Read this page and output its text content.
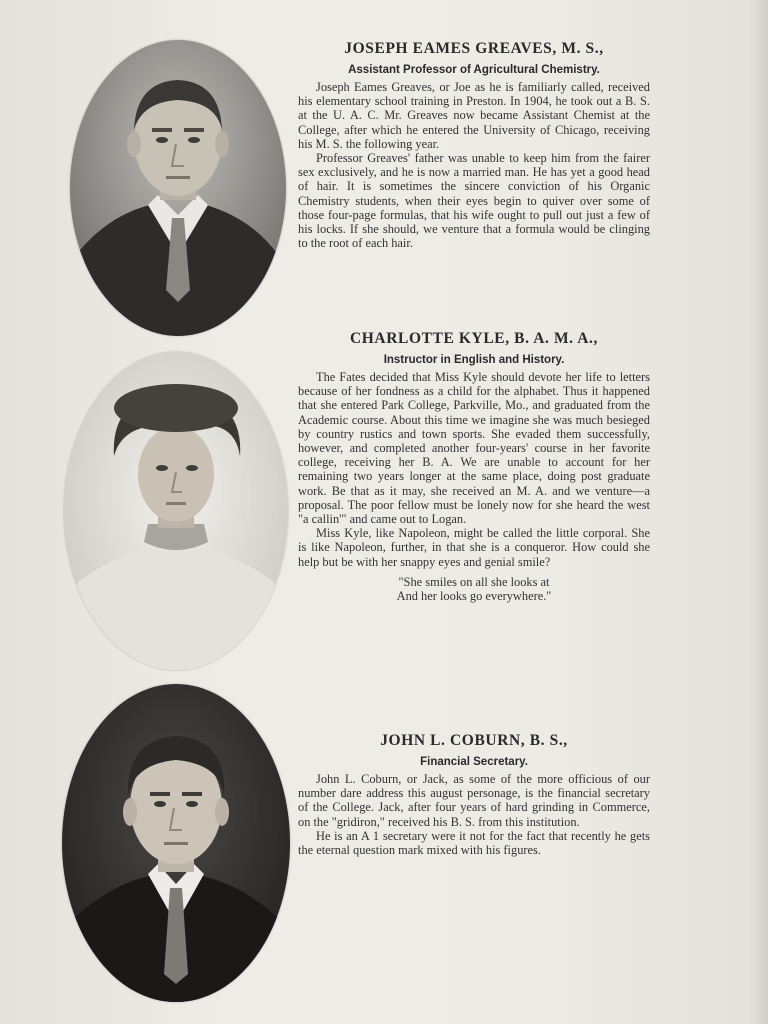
JOSEPH EAMES GREAVES, M. S.,

Assistant Professor of Agricultural Chemistry.

Joseph Eames Greaves, or Joe as he is familiarly called, received his elementary school training in Preston. In 1904, he took out a B. S. at the U. A. C. Mr. Greaves now became Assistant Chemist at the College, after which he entered the University of Chicago, receiving his M. S. the following year.

Professor Greaves' father was unable to keep him from the fairer sex exclusively, and he is now a married man. He has yet a good head of hair. It is sometimes the sincere conviction of his Organic Chemistry students, when their eyes begin to quiver over some of those four-page formulas, that his wife ought to pull out just a few of his locks. If she should, we venture that a formula would be clinging to the root of each hair.

CHARLOTTE KYLE, B. A. M. A.,

Instructor in English and History.

The Fates decided that Miss Kyle should devote her life to letters because of her fondness as a child for the alphabet. Thus it happened that she entered Park College, Parkville, Mo., and graduated from the Academic course. About this time we imagine she was much besieged by country rustics and town sports. She evaded them successfully, however, and completed another four-years' course in her favorite college, receiving her B. A. We are unable to account for her remaining two years longer at the same place, doing post graduate work. Be that as it may, she received an M. A. and we venture—a proposal. The poor fellow must be lonely now for she heard the west "a callin'" and came out to Logan.

Miss Kyle, like Napoleon, might be called the little corporal. She is like Napoleon, further, in that she is a conqueror. How could she help but be with her snappy eyes and genial smile?

"She smiles on all she looks at
And her looks go everywhere."

JOHN L. COBURN, B. S.,

Financial Secretary.

John L. Coburn, or Jack, as some of the more officious of our number dare address this august personage, is the financial secretary of the College. Jack, after four years of hard grinding in Commerce, on the "gridiron," received his B. S. from this institution.

He is an A 1 secretary were it not for the fact that recently he gets the eternal question mark mixed with his figures.
